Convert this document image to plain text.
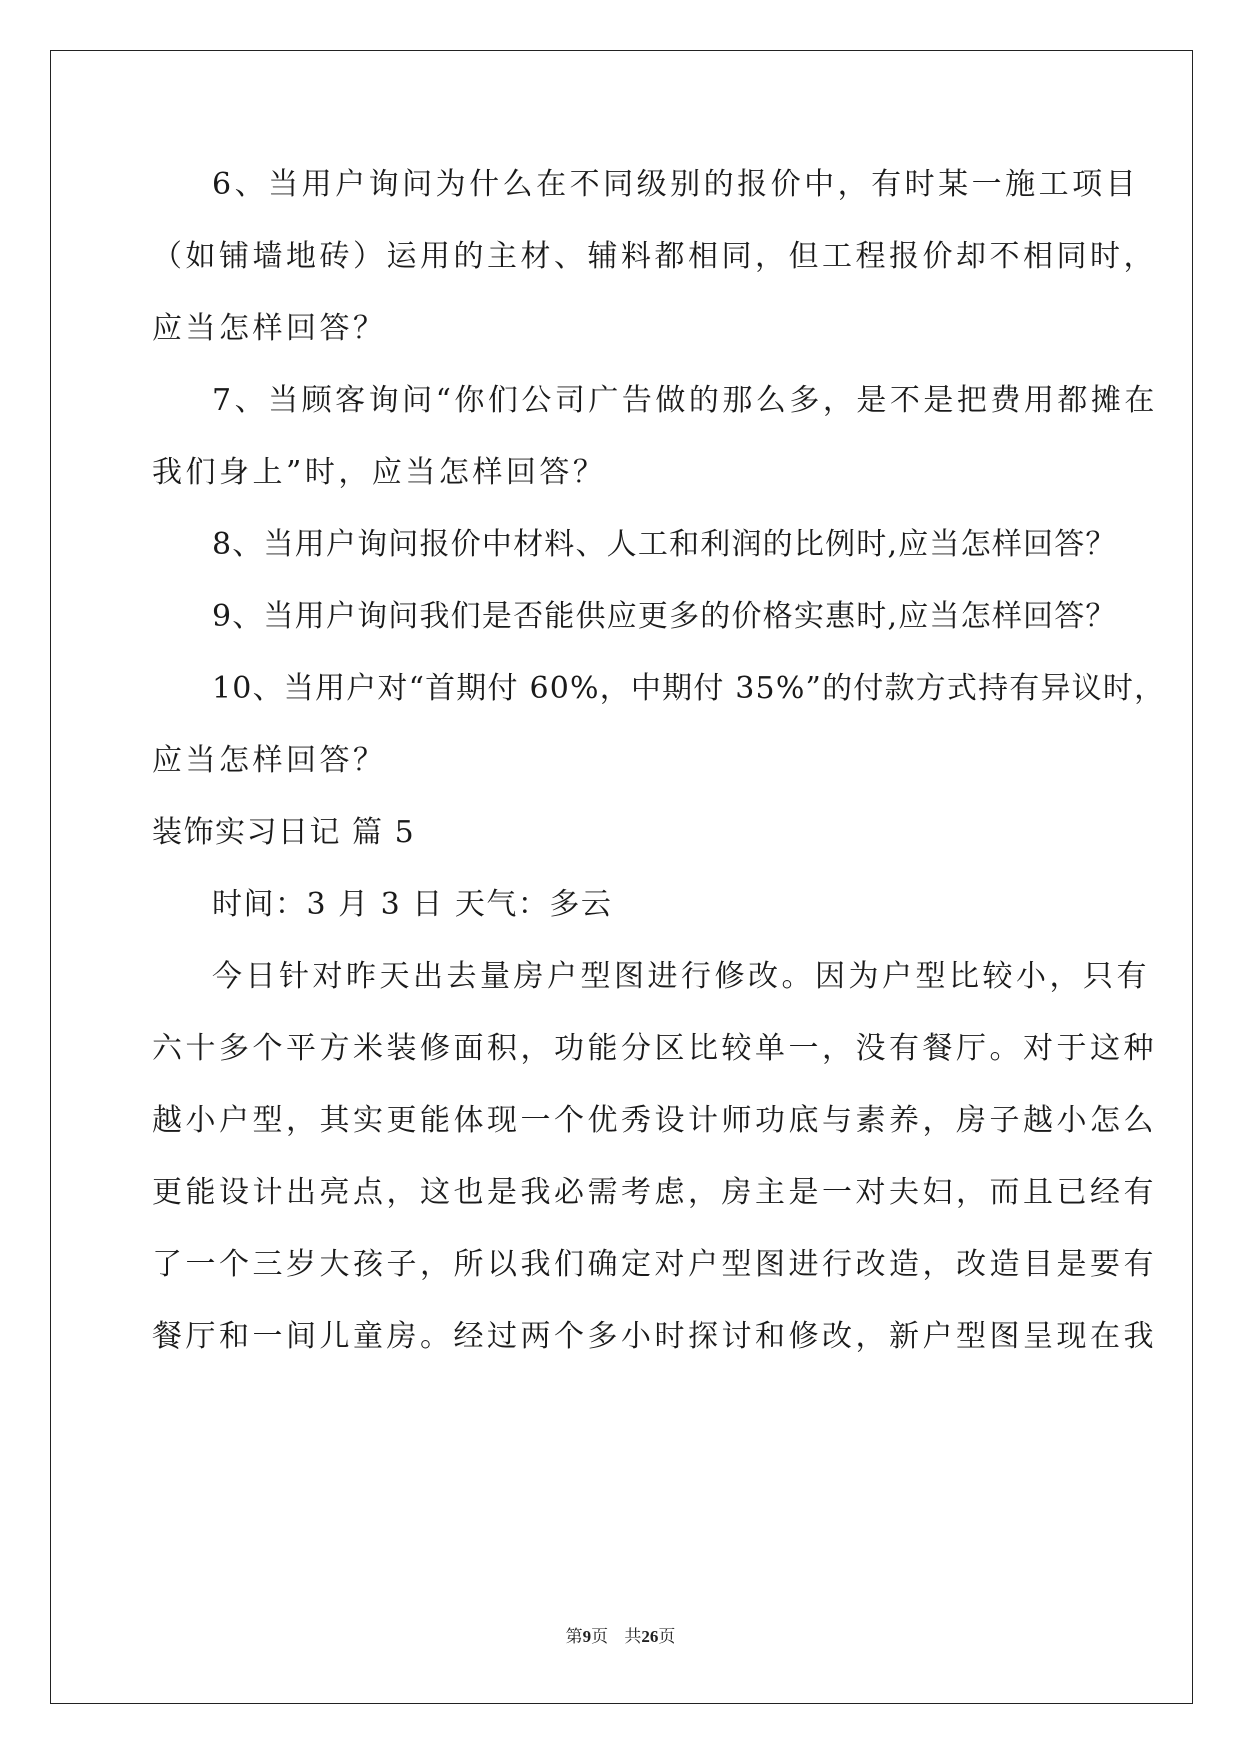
6、当用户询问为什么在不同级别的报价中，有时某一施工项目
（如铺墙地砖）运用的主材、辅料都相同，但工程报价却不相同时，
应当怎样回答？
7、当顾客询问“你们公司广告做的那么多，是不是把费用都摊在
我们身上”时，应当怎样回答？
8、当用户询问报价中材料、人工和利润的比例时,应当怎样回答？
9、当用户询问我们是否能供应更多的价格实惠时,应当怎样回答？
10、当用户对“首期付 60%，中期付 35%”的付款方式持有异议时，
应当怎样回答？
装饰实习日记 篇 5
时间：3 月 3 日 天气：多云
今日针对昨天出去量房户型图进行修改。因为户型比较小，只有
六十多个平方米装修面积，功能分区比较单一，没有餐厅。对于这种
越小户型，其实更能体现一个优秀设计师功底与素养，房子越小怎么
更能设计出亮点，这也是我必需考虑，房主是一对夫妇，而且已经有
了一个三岁大孩子，所以我们确定对户型图进行改造，改造目是要有
餐厅和一间儿童房。经过两个多小时探讨和修改，新户型图呈现在我
第9页 共26页
